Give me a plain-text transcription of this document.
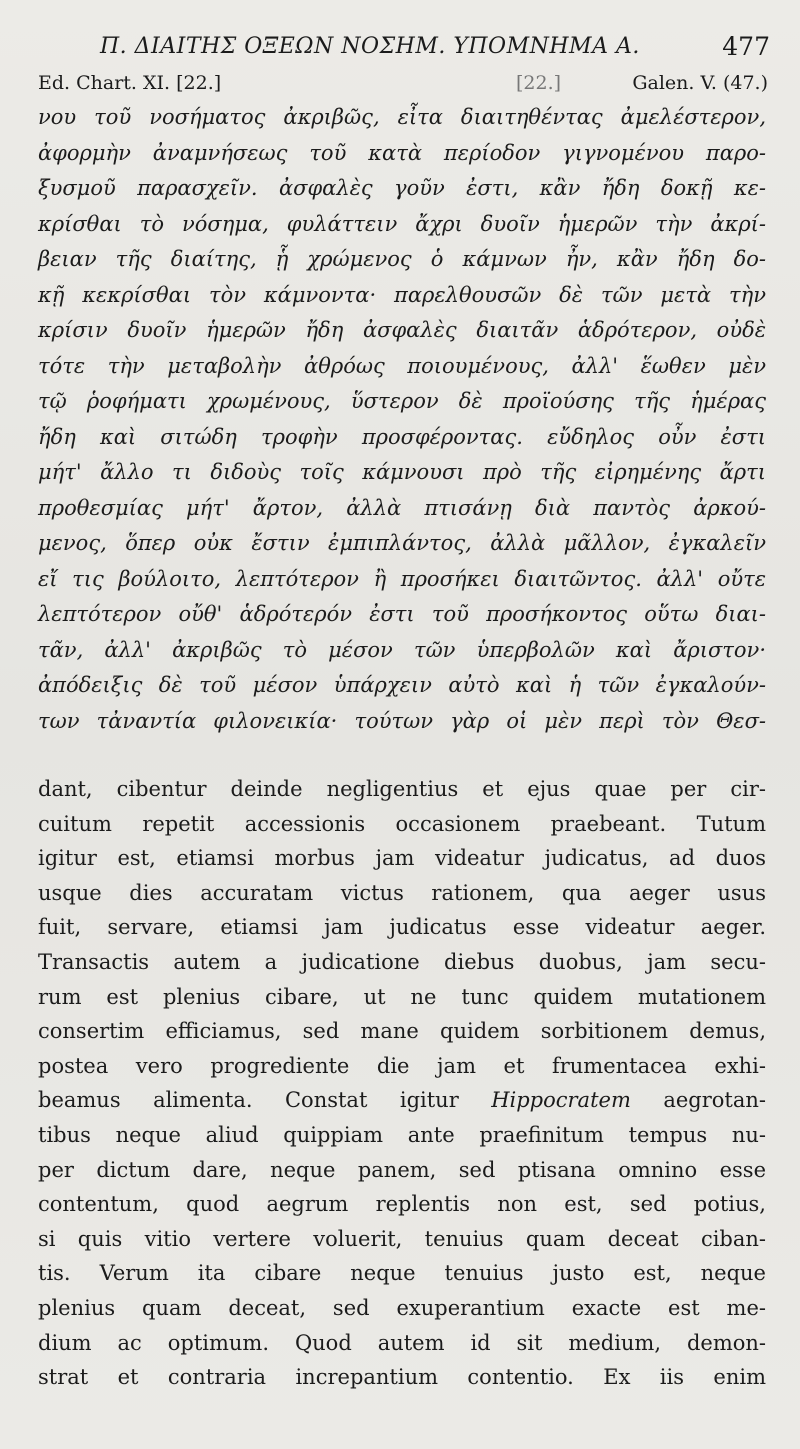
Π. ΔΙΑΙΤΗΣ ΟΞΕΩΝ ΝΟΣΗΜ. ΥΠΟΜΝΗΜΑ Α.	477
Ed. Chart. XI. [22.]	[22.]	Galen. V. (47.)
νου τοῦ νοσήματος ἀκριβῶς, εἶτα διαιτηθέντας ἀμελέστερον,
ἀφορμὴν ἀναμνήσεως τοῦ κατὰ περίοδον γιγνομένου παρο-
ξυσμοῦ παρασχεῖν. ἀσφαλὲς γοῦν ἐστι, κἂν ἤδη δοκῇ κε-
κρίσθαι τὸ νόσημα, φυλάττειν ἄχρι δυοῖν ἡμερῶν τὴν ἀκρί-
βειαν τῆς διαίτης, ᾗ χρώμενος ὁ κάμνων ἦν, κἂν ἤδη δο-
κῇ κεκρίσθαι τὸν κάμνοντα· παρελθουσῶν δὲ τῶν μετὰ τὴν
κρίσιν δυοῖν ἡμερῶν ἤδη ἀσφαλὲς διαιτᾶν ἁδρότερον, οὐδὲ
τότε τὴν μεταβολὴν ἀθρόως ποιουμένους, ἀλλ' ἕωθεν μὲν
τῷ ῥοφήματι χρωμένους, ὕστερον δὲ προϊούσης τῆς ἡμέρας
ἤδη καὶ σιτώδη τροφὴν προσφέροντας. εὔδηλος οὖν ἐστι
μήτ' ἄλλο τι διδοὺς τοῖς κάμνουσι πρὸ τῆς εἰρημένης ἄρτι
προθεσμίας μήτ' ἄρτον, ἀλλὰ πτισάνῃ διὰ παντὸς ἀρκού-
μενος, ὅπερ οὐκ ἔστιν ἐμπιπλάντος, ἀλλὰ μᾶλλον, ἐγκαλεῖν
εἴ τις βούλοιτο, λεπτότερον ἢ προσήκει διαιτῶντος. ἀλλ' οὔτε
λεπτότερον οὔθ' ἁδρότερόν ἐστι τοῦ προσήκοντος οὕτω διαι-
τᾶν, ἀλλ' ἀκριβῶς τὸ μέσον τῶν ὑπερβολῶν καὶ ἄριστον·
ἀπόδειξις δὲ τοῦ μέσον ὑπάρχειν αὐτὸ καὶ ἡ τῶν ἐγκαλούν-
των τἀναντία φιλονεικία· τούτων γὰρ οἱ μὲν περὶ τὸν Θεσ-
dant, cibentur deinde negligentius et ejus quae per cir-
cuitum repetit accessionis occasionem praebeant. Tutum
igitur est, etiamsi morbus jam videatur judicatus, ad duos
usque dies accuratam victus rationem, qua aeger usus
fuit, servare, etiamsi jam judicatus esse videatur aeger.
Transactis autem a judicatione diebus duobus, jam secu-
rum est plenius cibare, ut ne tunc quidem mutationem
consertim efficiamus, sed mane quidem sorbitionem demus,
postea vero progrediente die jam et frumentacea exhi-
beamus alimenta. Constat igitur Hippocratem aegrotan-
tibus neque aliud quippiam ante praefinitum tempus nu-
per dictum dare, neque panem, sed ptisana omnino esse
contentum, quod aegrum replentis non est, sed potius,
si quis vitio vertere voluerit, tenuius quam deceat ciban-
tis. Verum ita cibare neque tenuius justo est, neque
plenius quam deceat, sed exuperantium exacte est me-
dium ac optimum. Quod autem id sit medium, demon-
strat et contraria increpantium contentio. Ex iis enim
